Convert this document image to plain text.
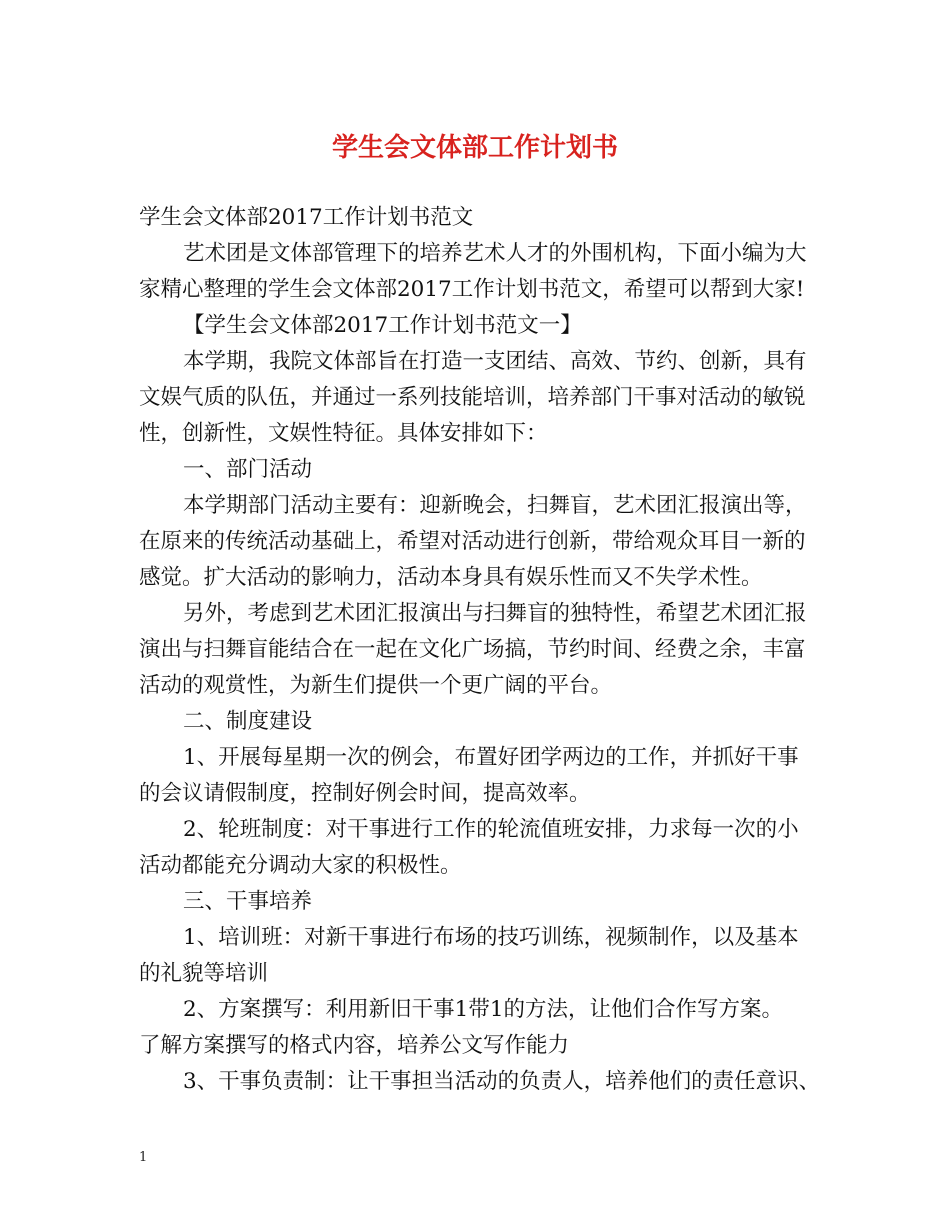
学生会文体部工作计划书

学生会文体部2017工作计划书范文

艺术团是文体部管理下的培养艺术人才的外围机构，下面小编为大

家精心整理的学生会文体部2017工作计划书范文，希望可以帮到大家!

【学生会文体部2017工作计划书范文一】

本学期，我院文体部旨在打造一支团结、高效、节约、创新，具有

文娱气质的队伍，并通过一系列技能培训，培养部门干事对活动的敏锐

性，创新性，文娱性特征。具体安排如下：

一、部门活动

本学期部门活动主要有：迎新晚会，扫舞盲，艺术团汇报演出等，

在原来的传统活动基础上，希望对活动进行创新，带给观众耳目一新的

感觉。扩大活动的影响力，活动本身具有娱乐性而又不失学术性。

另外，考虑到艺术团汇报演出与扫舞盲的独特性，希望艺术团汇报

演出与扫舞盲能结合在一起在文化广场搞，节约时间、经费之余，丰富

活动的观赏性，为新生们提供一个更广阔的平台。

二、制度建设

1、开展每星期一次的例会，布置好团学两边的工作，并抓好干事

的会议请假制度，控制好例会时间，提高效率。

2、轮班制度：对干事进行工作的轮流值班安排，力求每一次的小

活动都能充分调动大家的积极性。

三、干事培养

1、培训班：对新干事进行布场的技巧训练，视频制作，以及基本

的礼貌等培训

2、方案撰写：利用新旧干事1带1的方法，让他们合作写方案。

了解方案撰写的格式内容，培养公文写作能力

3、干事负责制：让干事担当活动的负责人，培养他们的责任意识、

1
